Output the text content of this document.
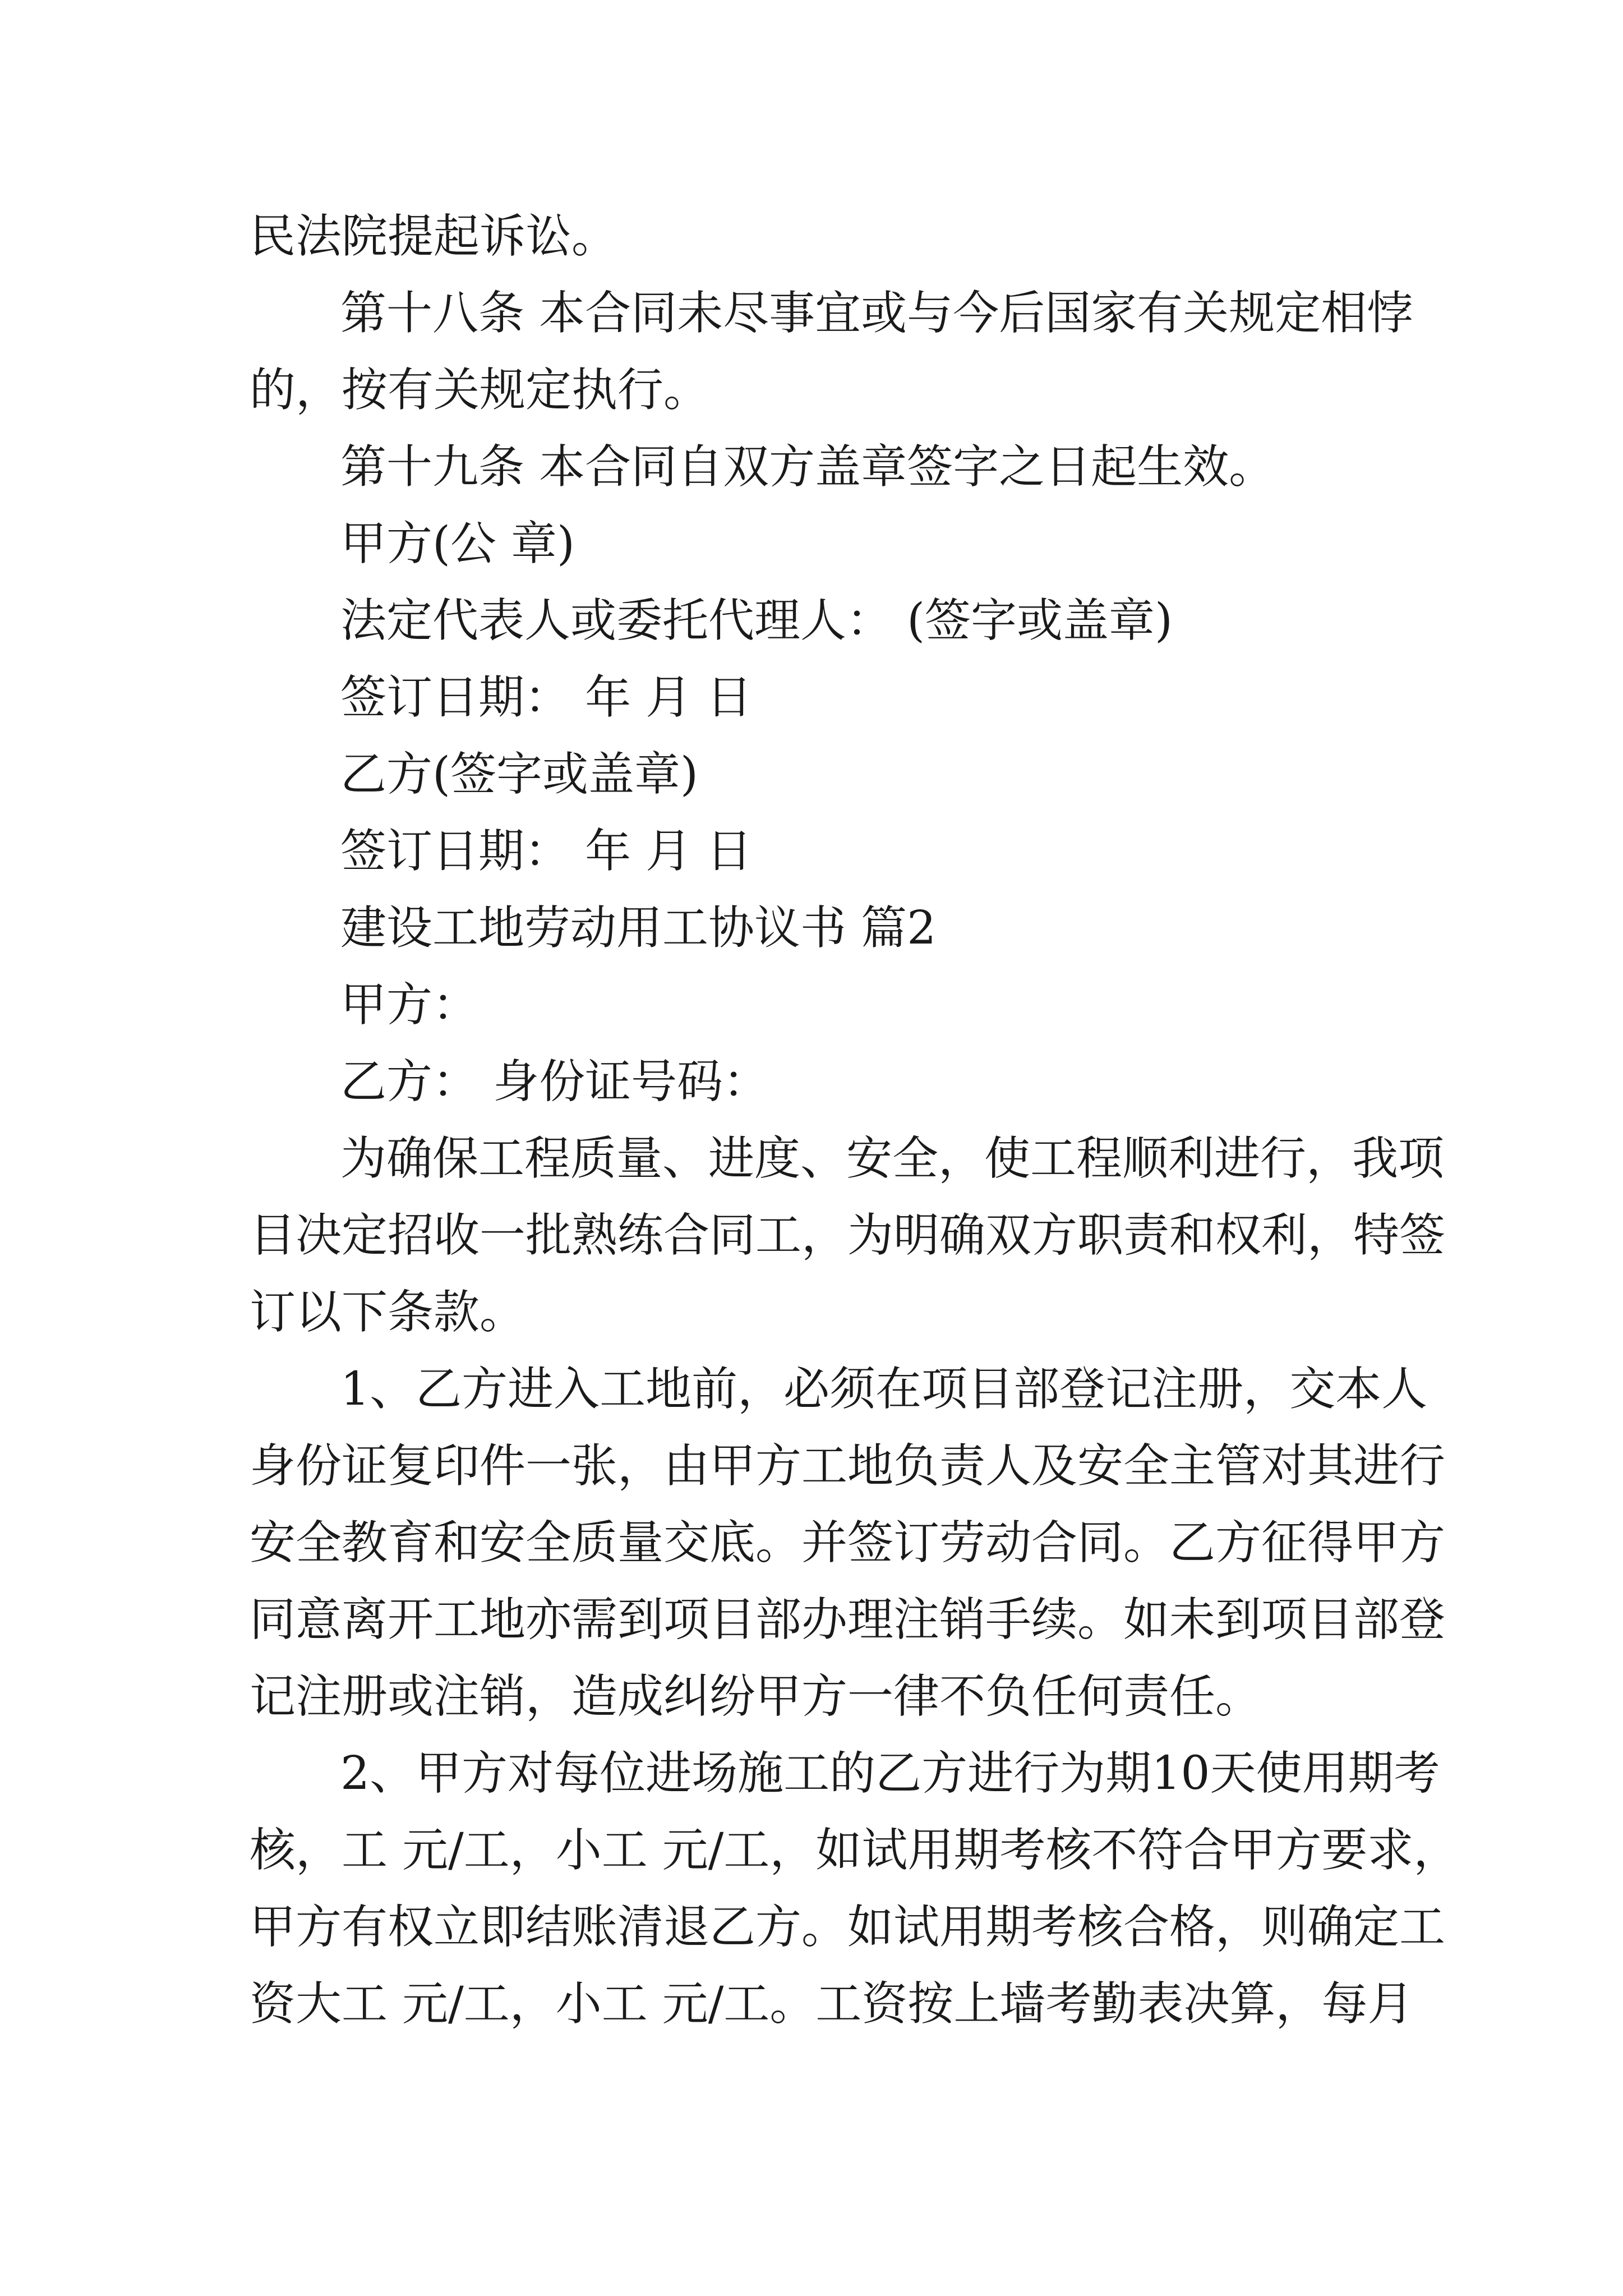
民法院提起诉讼。
第十八条 本合同未尽事宜或与今后国家有关规定相悖
的，按有关规定执行。
第十九条 本合同自双方盖章签字之日起生效。
甲方(公 章)
法定代表人或委托代理人： (签字或盖章)
签订日期： 年 月 日
乙方(签字或盖章)
签订日期： 年 月 日
建设工地劳动用工协议书 篇2
甲方：
乙方： 身份证号码：
为确保工程质量、进度、安全，使工程顺利进行，我项
目决定招收一批熟练合同工，为明确双方职责和权利，特签
订以下条款。
1、乙方进入工地前，必须在项目部登记注册，交本人
身份证复印件一张，由甲方工地负责人及安全主管对其进行
安全教育和安全质量交底。并签订劳动合同。乙方征得甲方
同意离开工地亦需到项目部办理注销手续。如未到项目部登
记注册或注销，造成纠纷甲方一律不负任何责任。
2、甲方对每位进场施工的乙方进行为期10天使用期考
核，工 元/工，小工 元/工，如试用期考核不符合甲方要求，
甲方有权立即结账清退乙方。如试用期考核合格，则确定工
资大工 元/工，小工 元/工。工资按上墙考勤表决算，每月
